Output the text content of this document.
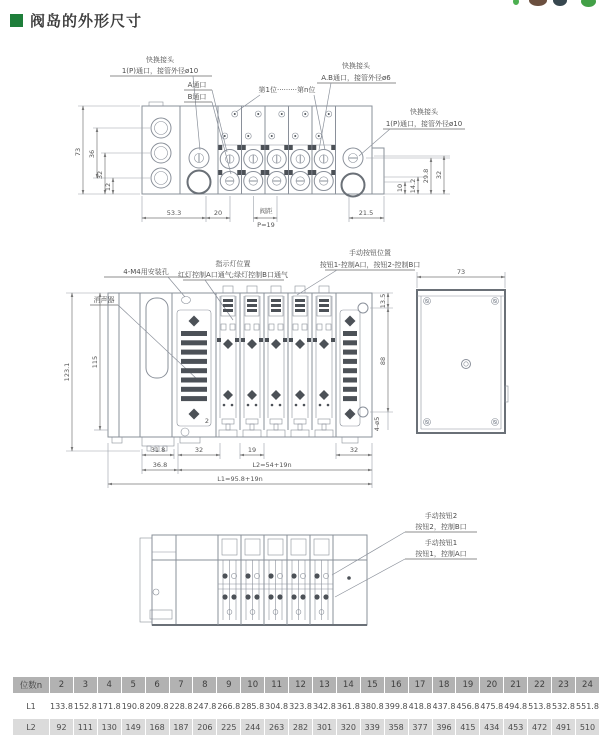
阀岛的外形尺寸
快换接头
1(P)通口，接管外径ø10
A通口
B通口
第1位·········第n位
快换接头
A.B通口，接管外径ø6
快换接头
1(P)通口，接管外径ø10
73 36
32
12
53.3	20	阀距
P=19
21.5
10 14.2
29.8 32
4-M4用安装孔
指示灯位置
红灯控制A口通气;绿灯控制B口通气
手动按钮位置
按钮1-控制A口，按钮2-控制B口
消声器
2
123.1
115
31.8	32	19	32
36.8	L2=54+19n
L1=95.8+19n
13.5
88
4-ø5
73
手动按钮2
按钮2，控制B口
手动按钮1
按钮1，控制A口
位数n	2	3	4	5	6	7	8	9	10	11	12	13	14	15	16	17	18	19	20	21	22	23	24
L1	133.8	152.8	171.8	190.8	209.8	228.8	247.8	266.8	285.8	304.8	323.8	342.8	361.8	380.8	399.8	418.8	437.8	456.8	475.8	494.8	513.8	532.8	551.8
L2	92	111	130	149	168	187	206	225	244	263	282	301	320	339	358	377	396	415	434	453	472	491	510
